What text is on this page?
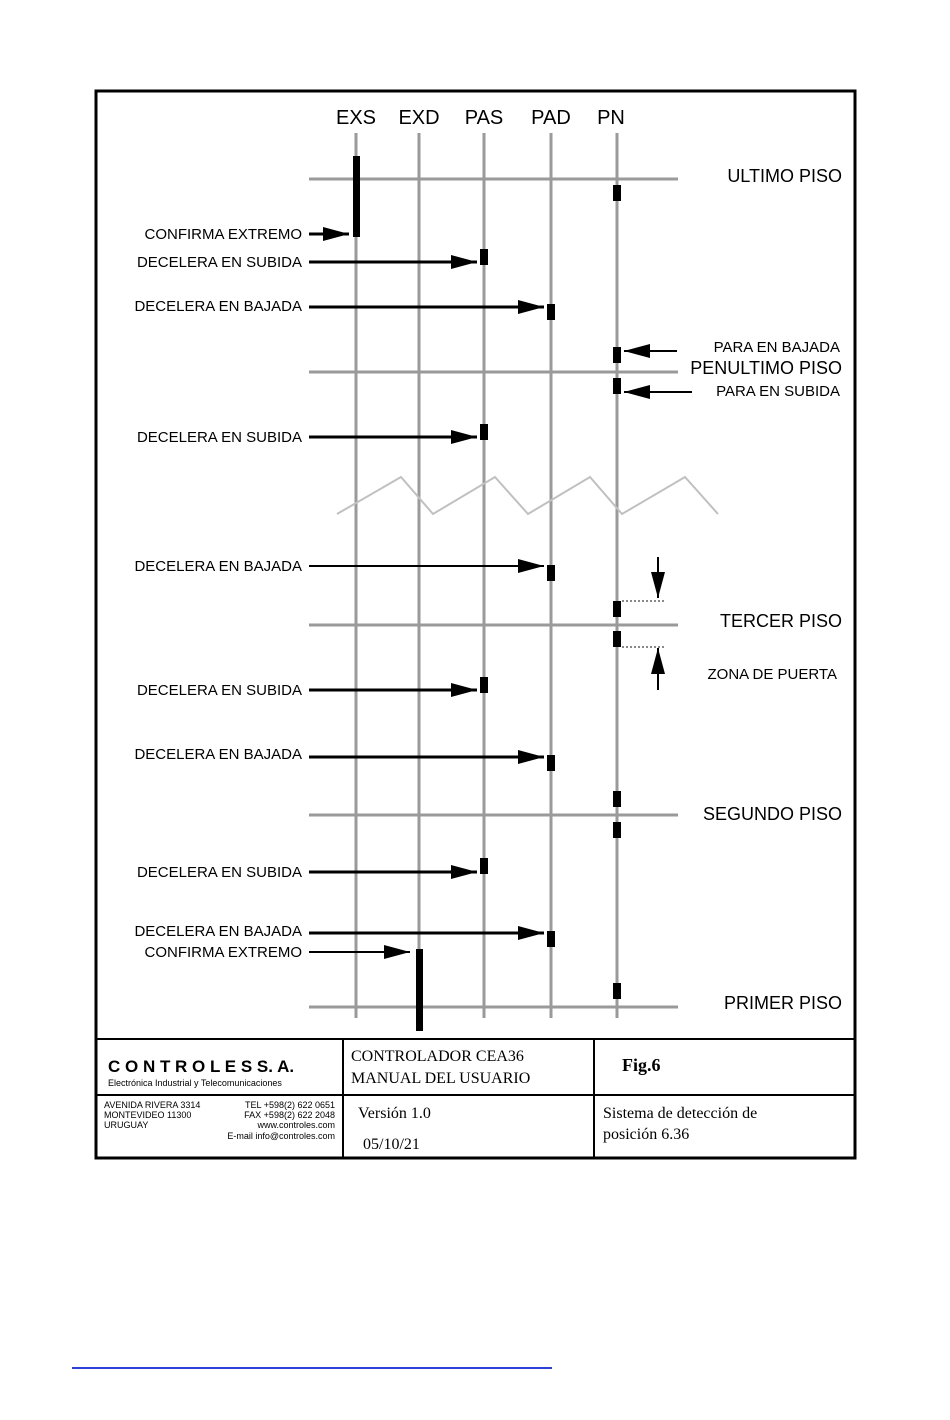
EXS EXD PAS PAD PN
ULTIMO PISO
PENULTIMO PISO
TERCER PISO
SEGUNDO PISO
PRIMER PISO
CONFIRMA EXTREMO
DECELERA EN SUBIDA
DECELERA EN BAJADA
DECELERA EN SUBIDA
DECELERA EN BAJADA
DECELERA EN SUBIDA
DECELERA EN BAJADA
DECELERA EN SUBIDA
DECELERA EN BAJADA
CONFIRMA EXTREMO
PARA EN BAJADA
PARA EN SUBIDA
ZONA DE PUERTA
C O N T R O L E S S. A.
Electrónica Industrial y Telecomunicaciones
AVENIDA RIVERA 3314
MONTEVIDEO 11300
URUGUAY
TEL +598(2) 622 0651
FAX +598(2) 622 2048
www.controles.com
E-mail info@controles.com
CONTROLADOR CEA36
MANUAL DEL USUARIO
Fig.6
Versión 1.0
05/10/21
Sistema de detección de
posición 6.36
